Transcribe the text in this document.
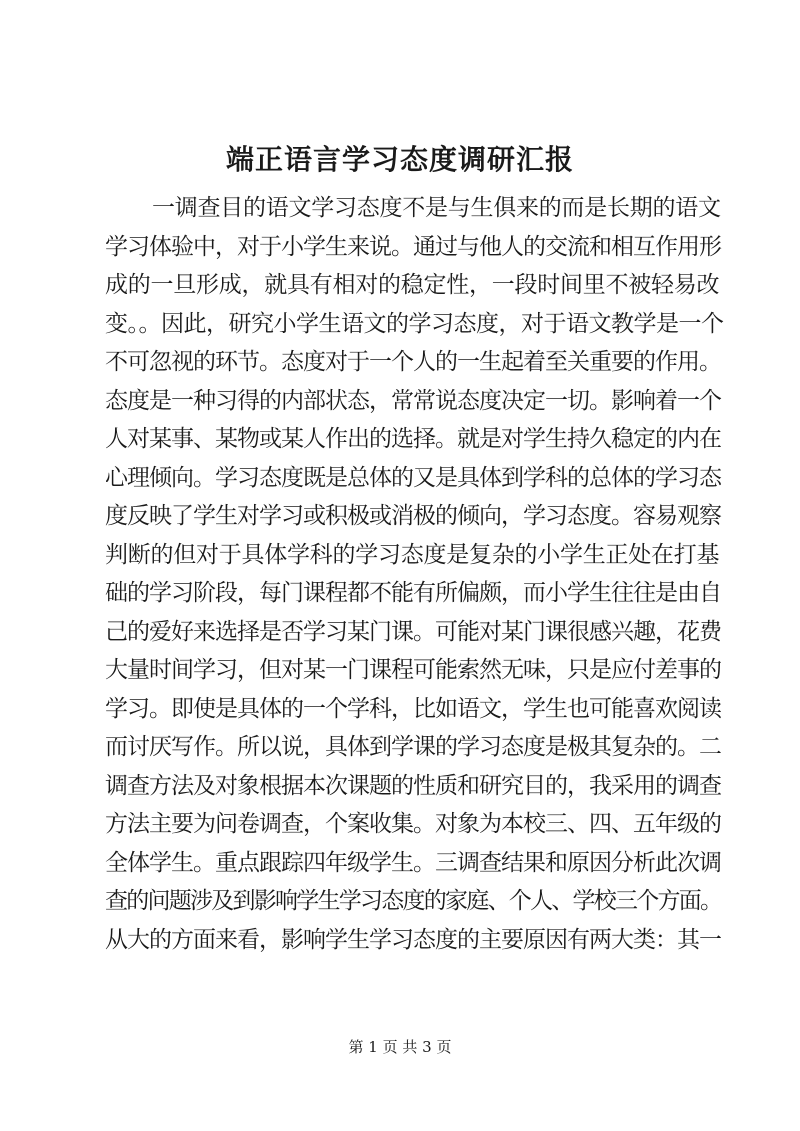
端正语言学习态度调研汇报
一调查目的语文学习态度不是与生俱来的而是长期的语文
学习体验中，对于小学生来说。通过与他人的交流和相互作用形
成的一旦形成，就具有相对的稳定性，一段时间里不被轻易改
变。。因此，研究小学生语文的学习态度，对于语文教学是一个
不可忽视的环节。态度对于一个人的一生起着至关重要的作用。
态度是一种习得的内部状态，常常说态度决定一切。影响着一个
人对某事、某物或某人作出的选择。就是对学生持久稳定的内在
心理倾向。学习态度既是总体的又是具体到学科的总体的学习态
度反映了学生对学习或积极或消极的倾向，学习态度。容易观察
判断的但对于具体学科的学习态度是复杂的小学生正处在打基
础的学习阶段，每门课程都不能有所偏颇，而小学生往往是由自
己的爱好来选择是否学习某门课。可能对某门课很感兴趣，花费
大量时间学习，但对某一门课程可能索然无味，只是应付差事的
学习。即使是具体的一个学科，比如语文，学生也可能喜欢阅读
而讨厌写作。所以说，具体到学课的学习态度是极其复杂的。二
调查方法及对象根据本次课题的性质和研究目的，我采用的调查
方法主要为问卷调查，个案收集。对象为本校三、四、五年级的
全体学生。重点跟踪四年级学生。三调查结果和原因分析此次调
查的问题涉及到影响学生学习态度的家庭、个人、学校三个方面。
从大的方面来看，影响学生学习态度的主要原因有两大类：其一
第 1 页 共 3 页
